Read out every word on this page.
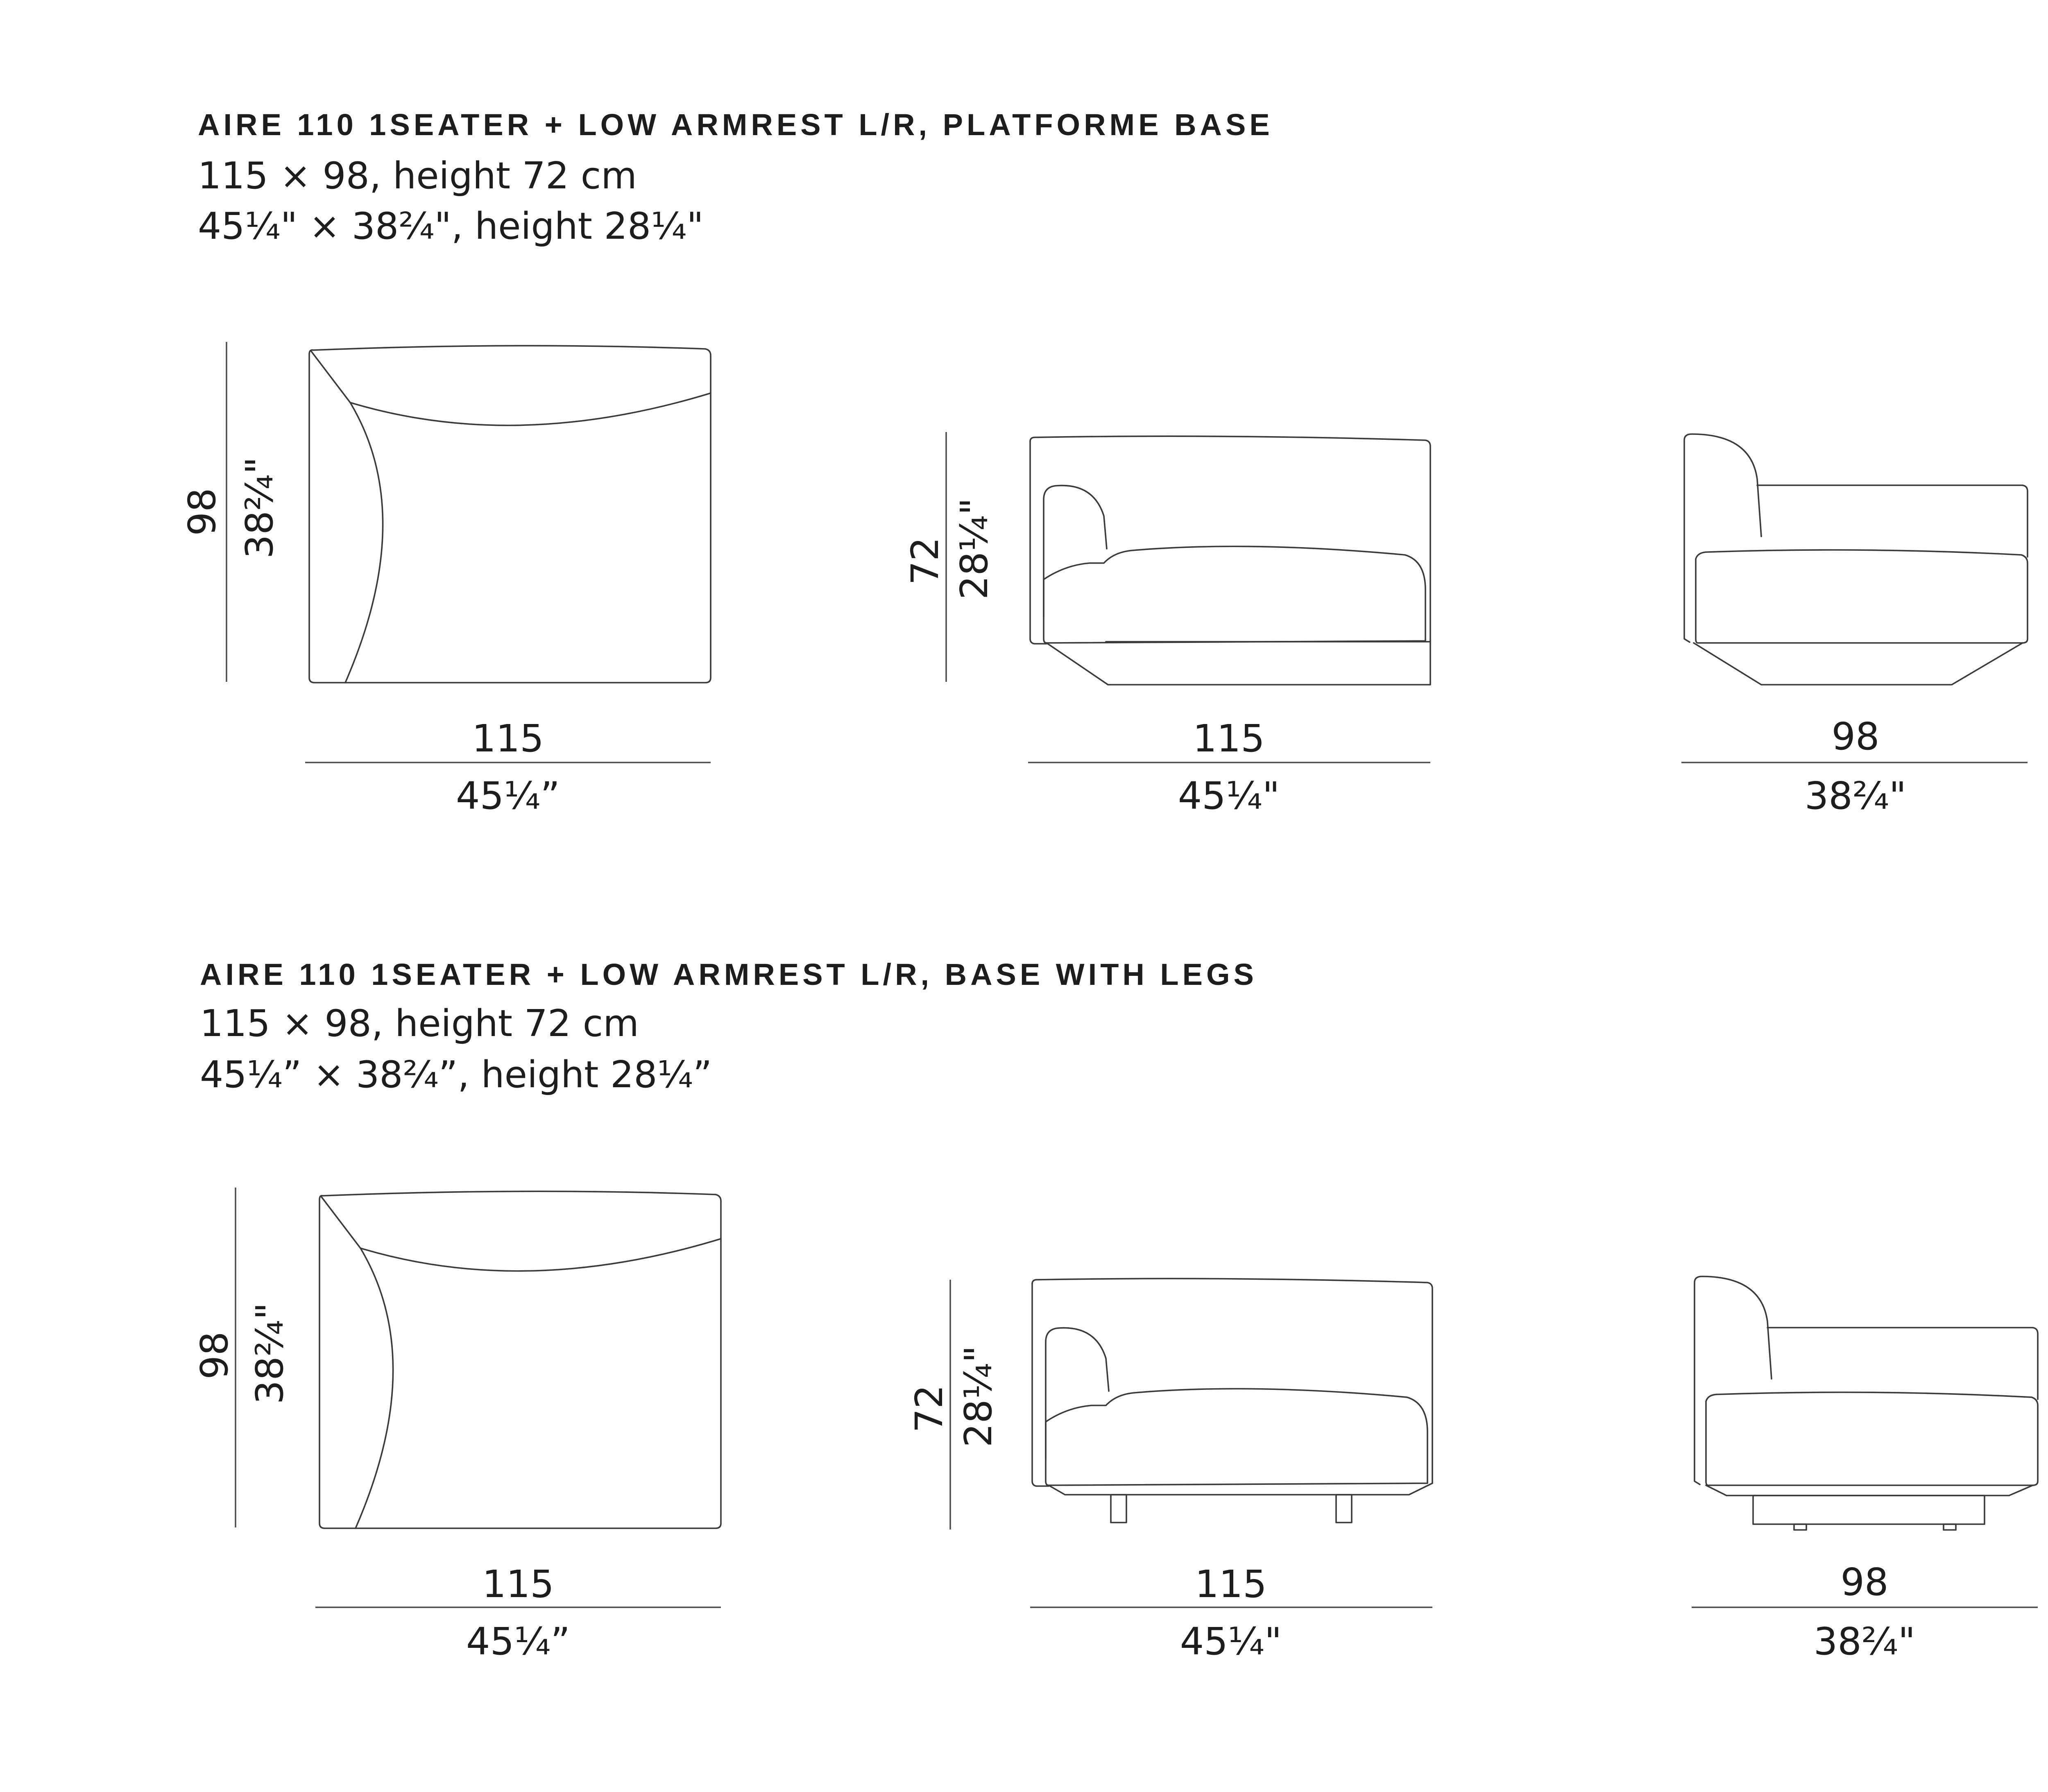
AIRE 110 1SEATER + LOW ARMREST L/R, PLATFORME BASE
115 × 98, height 72 cm
45¼" × 38²⁄₄", height 28¼"
98 38²⁄₄"
115
45¼”
72 28¼"
115
45¼"
98
38²⁄₄"
AIRE 110 1SEATER + LOW ARMREST L/R, BASE WITH LEGS
115 × 98, height 72 cm
45¼” × 38²⁄₄”, height 28¼”
98 38²⁄₄"
115
45¼”
72 28¼"
115
45¼"
98
38²⁄₄"
